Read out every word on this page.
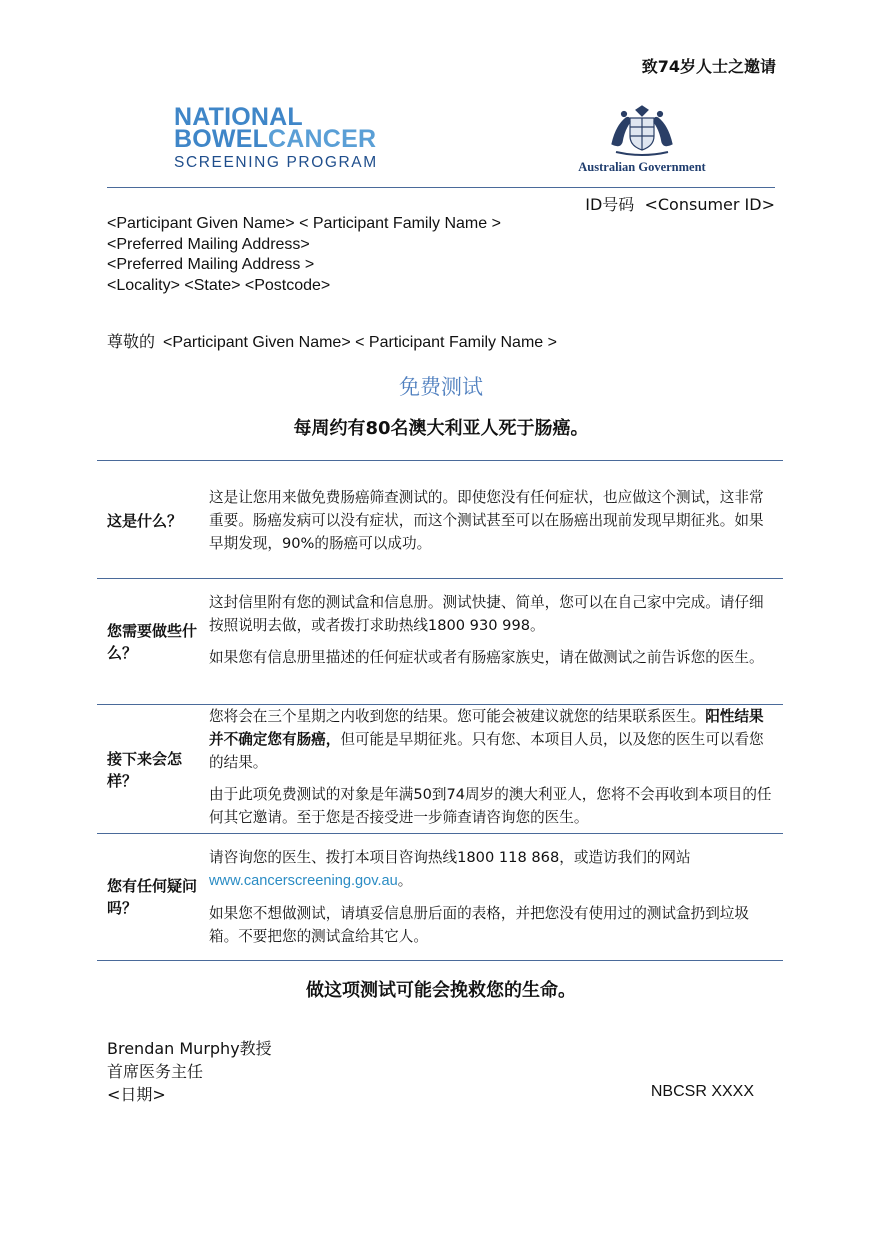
致74岁人士之邀请
NATIONAL
BOWELCANCER
SCREENING PROGRAM	Australian Government
ID号码 <Consumer ID>
<Participant Given Name> < Participant Family Name >
<Preferred Mailing Address>
<Preferred Mailing Address >
<Locality> <State> <Postcode>
尊敬的 <Participant Given Name> < Participant Family Name >
免费测试
每周约有80名澳大利亚人死于肠癌。
这是什么？

这是让您用来做免费肠癌筛查测试的。即使您没有任何症状，也应做这个测试，这非常重要。肠癌发病可以没有症状，而这个测试甚至可以在肠癌出现前发现早期征兆。如果早期发现，90%的肠癌可以成功。

您需要做些什么？

这封信里附有您的测试盒和信息册。测试快捷、简单，您可以在自己家中完成。请仔细按照说明去做，或者拨打求助热线1800 930 998。

如果您有信息册里描述的任何症状或者有肠癌家族史，请在做测试之前告诉您的医生。

接下来会怎样？

您将会在三个星期之内收到您的结果。您可能会被建议就您的结果联系医生。阳性结果并不确定您有肠癌，但可能是早期征兆。只有您、本项目人员，以及您的医生可以看您的结果。

由于此项免费测试的对象是年满50到74周岁的澳大利亚人，您将不会再收到本项目的任何其它邀请。至于您是否接受进一步筛查请咨询您的医生。

您有任何疑问吗？

请咨询您的医生、拨打本项目咨询热线1800 118 868，或造访我们的网站www.cancerscreening.gov.au。

如果您不想做测试，请填妥信息册后面的表格，并把您没有使用过的测试盒扔到垃圾箱。不要把您的测试盒给其它人。

做这项测试可能会挽救您的生命。
Brendan Murphy教授
首席医务主任
<日期>	NBCSR XXXX
